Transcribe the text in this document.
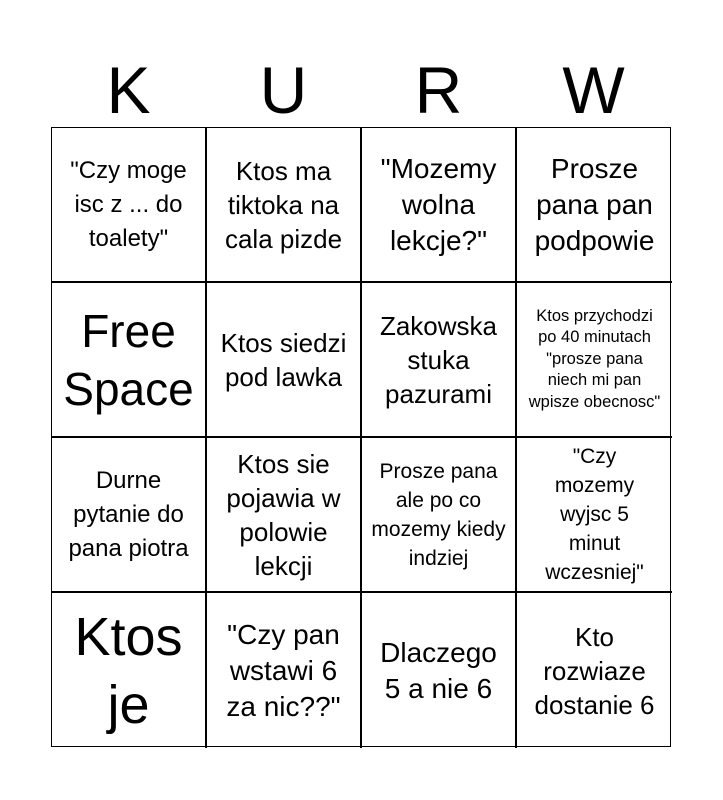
K	U	R	W
"Czy moge isc z ... do toalety"
Ktos ma tiktoka na cala pizde
"Mozemy wolna lekcje?"
Prosze pana pan podpowie
Free Space
Ktos siedzi pod lawka
Zakowska stuka pazurami
Ktos przychodzi po 40 minutach "prosze pana niech mi pan wpisze obecnosc"
Durne pytanie do pana piotra
Ktos sie pojawia w polowie lekcji
Prosze pana ale po co mozemy kiedy indziej
"Czy mozemy wyjsc 5 minut wczesniej"
Ktos je
"Czy pan wstawi 6 za nic??"
Dlaczego 5 a nie 6
Kto rozwiaze dostanie 6
